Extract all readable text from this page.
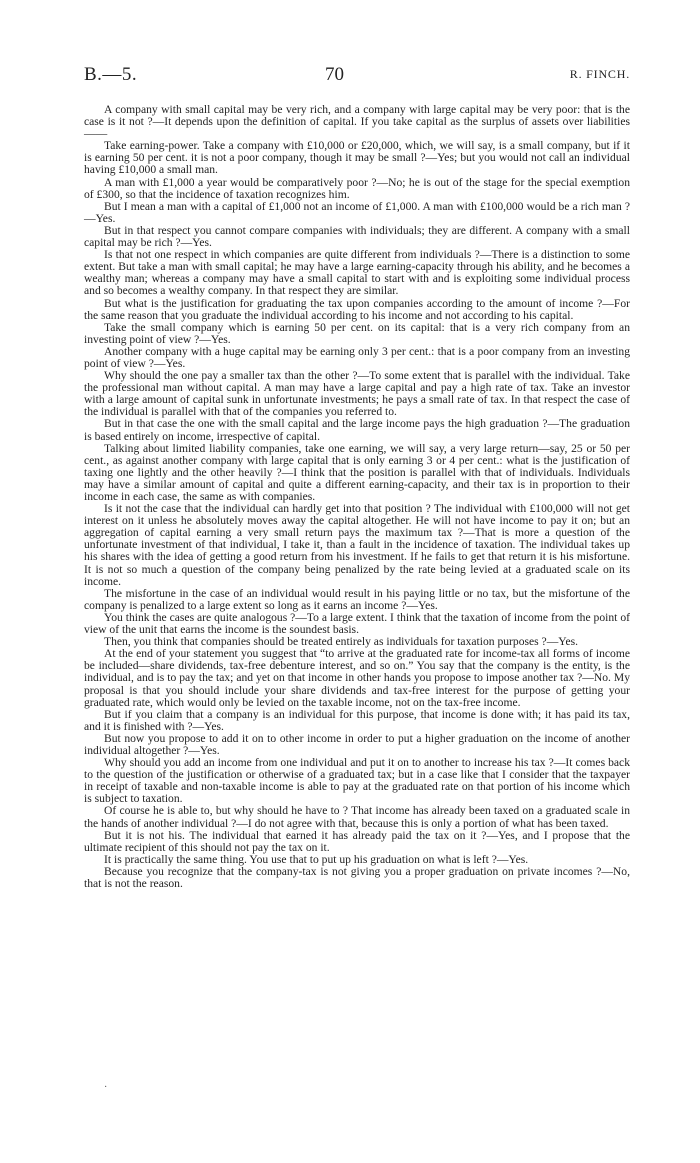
B.—5.	70	R. FINCH.

A company with small capital may be very rich, and a company with large capital may be very poor: that is the case is it not ?—It depends upon the definition of capital. If you take capital as the surplus of assets over liabilities——

Take earning-power. Take a company with £10,000 or £20,000, which, we will say, is a small company, but if it is earning 50 per cent. it is not a poor company, though it may be small ?—Yes; but you would not call an individual having £10,000 a small man.

A man with £1,000 a year would be comparatively poor ?—No; he is out of the stage for the special exemption of £300, so that the incidence of taxation recognizes him.

But I mean a man with a capital of £1,000 not an income of £1,000. A man with £100,000 would be a rich man ?—Yes.

But in that respect you cannot compare companies with individuals; they are different. A company with a small capital may be rich ?—Yes.

Is that not one respect in which companies are quite different from individuals ?—There is a distinction to some extent. But take a man with small capital; he may have a large earning-capacity through his ability, and he becomes a wealthy man; whereas a company may have a small capital to start with and is exploiting some individual process and so becomes a wealthy company. In that respect they are similar.

But what is the justification for graduating the tax upon companies according to the amount of income ?—For the same reason that you graduate the individual according to his income and not according to his capital.

Take the small company which is earning 50 per cent. on its capital: that is a very rich company from an investing point of view ?—Yes.

Another company with a huge capital may be earning only 3 per cent.: that is a poor company from an investing point of view ?—Yes.

Why should the one pay a smaller tax than the other ?—To some extent that is parallel with the individual. Take the professional man without capital. A man may have a large capital and pay a high rate of tax. Take an investor with a large amount of capital sunk in unfortunate investments; he pays a small rate of tax. In that respect the case of the individual is parallel with that of the companies you referred to.

But in that case the one with the small capital and the large income pays the high graduation ?—The graduation is based entirely on income, irrespective of capital.

Talking about limited liability companies, take one earning, we will say, a very large return—say, 25 or 50 per cent., as against another company with large capital that is only earning 3 or 4 per cent.: what is the justification of taxing one lightly and the other heavily ?—I think that the position is parallel with that of individuals. Individuals may have a similar amount of capital and quite a different earning-capacity, and their tax is in proportion to their income in each case, the same as with companies.

Is it not the case that the individual can hardly get into that position ? The individual with £100,000 will not get interest on it unless he absolutely moves away the capital altogether. He will not have income to pay it on; but an aggregation of capital earning a very small return pays the maximum tax ?—That is more a question of the unfortunate investment of that individual, I take it, than a fault in the incidence of taxation. The individual takes up his shares with the idea of getting a good return from his investment. If he fails to get that return it is his misfortune. It is not so much a question of the company being penalized by the rate being levied at a graduated scale on its income.

The misfortune in the case of an individual would result in his paying little or no tax, but the misfortune of the company is penalized to a large extent so long as it earns an income ?—Yes.

You think the cases are quite analogous ?—To a large extent. I think that the taxation of income from the point of view of the unit that earns the income is the soundest basis.

Then, you think that companies should be treated entirely as individuals for taxation purposes ?—Yes.

At the end of your statement you suggest that “to arrive at the graduated rate for income-tax all forms of income be included—share dividends, tax-free debenture interest, and so on.” You say that the company is the entity, is the individual, and is to pay the tax; and yet on that income in other hands you propose to impose another tax ?—No. My proposal is that you should include your share dividends and tax-free interest for the purpose of getting your graduated rate, which would only be levied on the taxable income, not on the tax-free income.

But if you claim that a company is an individual for this purpose, that income is done with; it has paid its tax, and it is finished with ?—Yes.

But now you propose to add it on to other income in order to put a higher graduation on the income of another individual altogether ?—Yes.

Why should you add an income from one individual and put it on to another to increase his tax ?—It comes back to the question of the justification or otherwise of a graduated tax; but in a case like that I consider that the taxpayer in receipt of taxable and non-taxable income is able to pay at the graduated rate on that portion of his income which is subject to taxation.

Of course he is able to, but why should he have to ? That income has already been taxed on a graduated scale in the hands of another individual ?—I do not agree with that, because this is only a portion of what has been taxed.

But it is not his. The individual that earned it has already paid the tax on it ?—Yes, and I propose that the ultimate recipient of this should not pay the tax on it.

It is practically the same thing. You use that to put up his graduation on what is left ?—Yes.

Because you recognize that the company-tax is not giving you a proper graduation on private incomes ?—No, that is not the reason.

·
